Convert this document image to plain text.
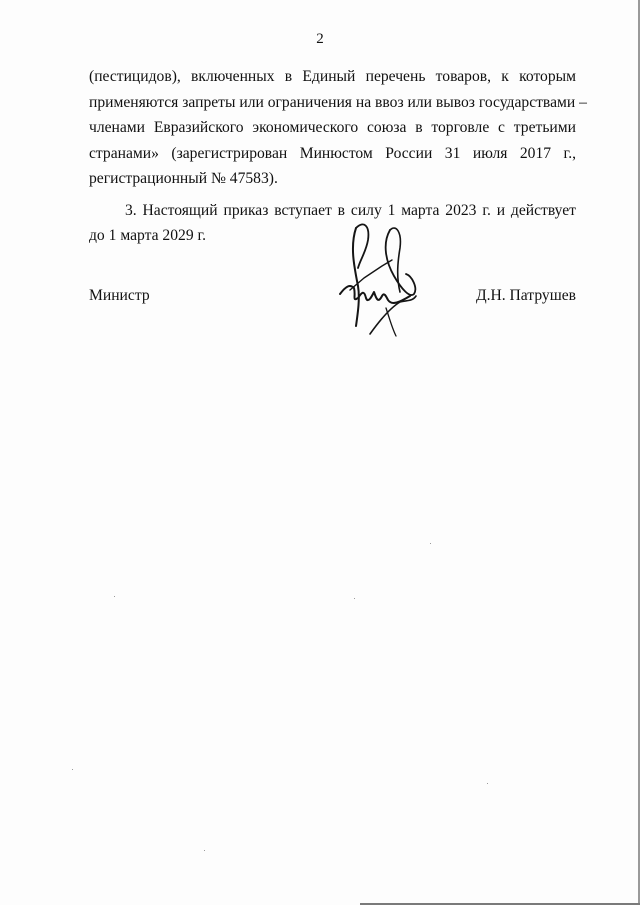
2

(пестицидов), включенных в Единый перечень товаров, к которым
применяются запреты или ограничения на ввоз или вывоз государствами –
членами Евразийского экономического союза в торговле с третьими
странами» (зарегистрирован Минюстом России 31 июля 2017 г.,
регистрационный № 47583).

3. Настоящий приказ вступает в силу 1 марта 2023 г. и действует
до 1 марта 2029 г.

Министр	Д.Н. Патрушев
